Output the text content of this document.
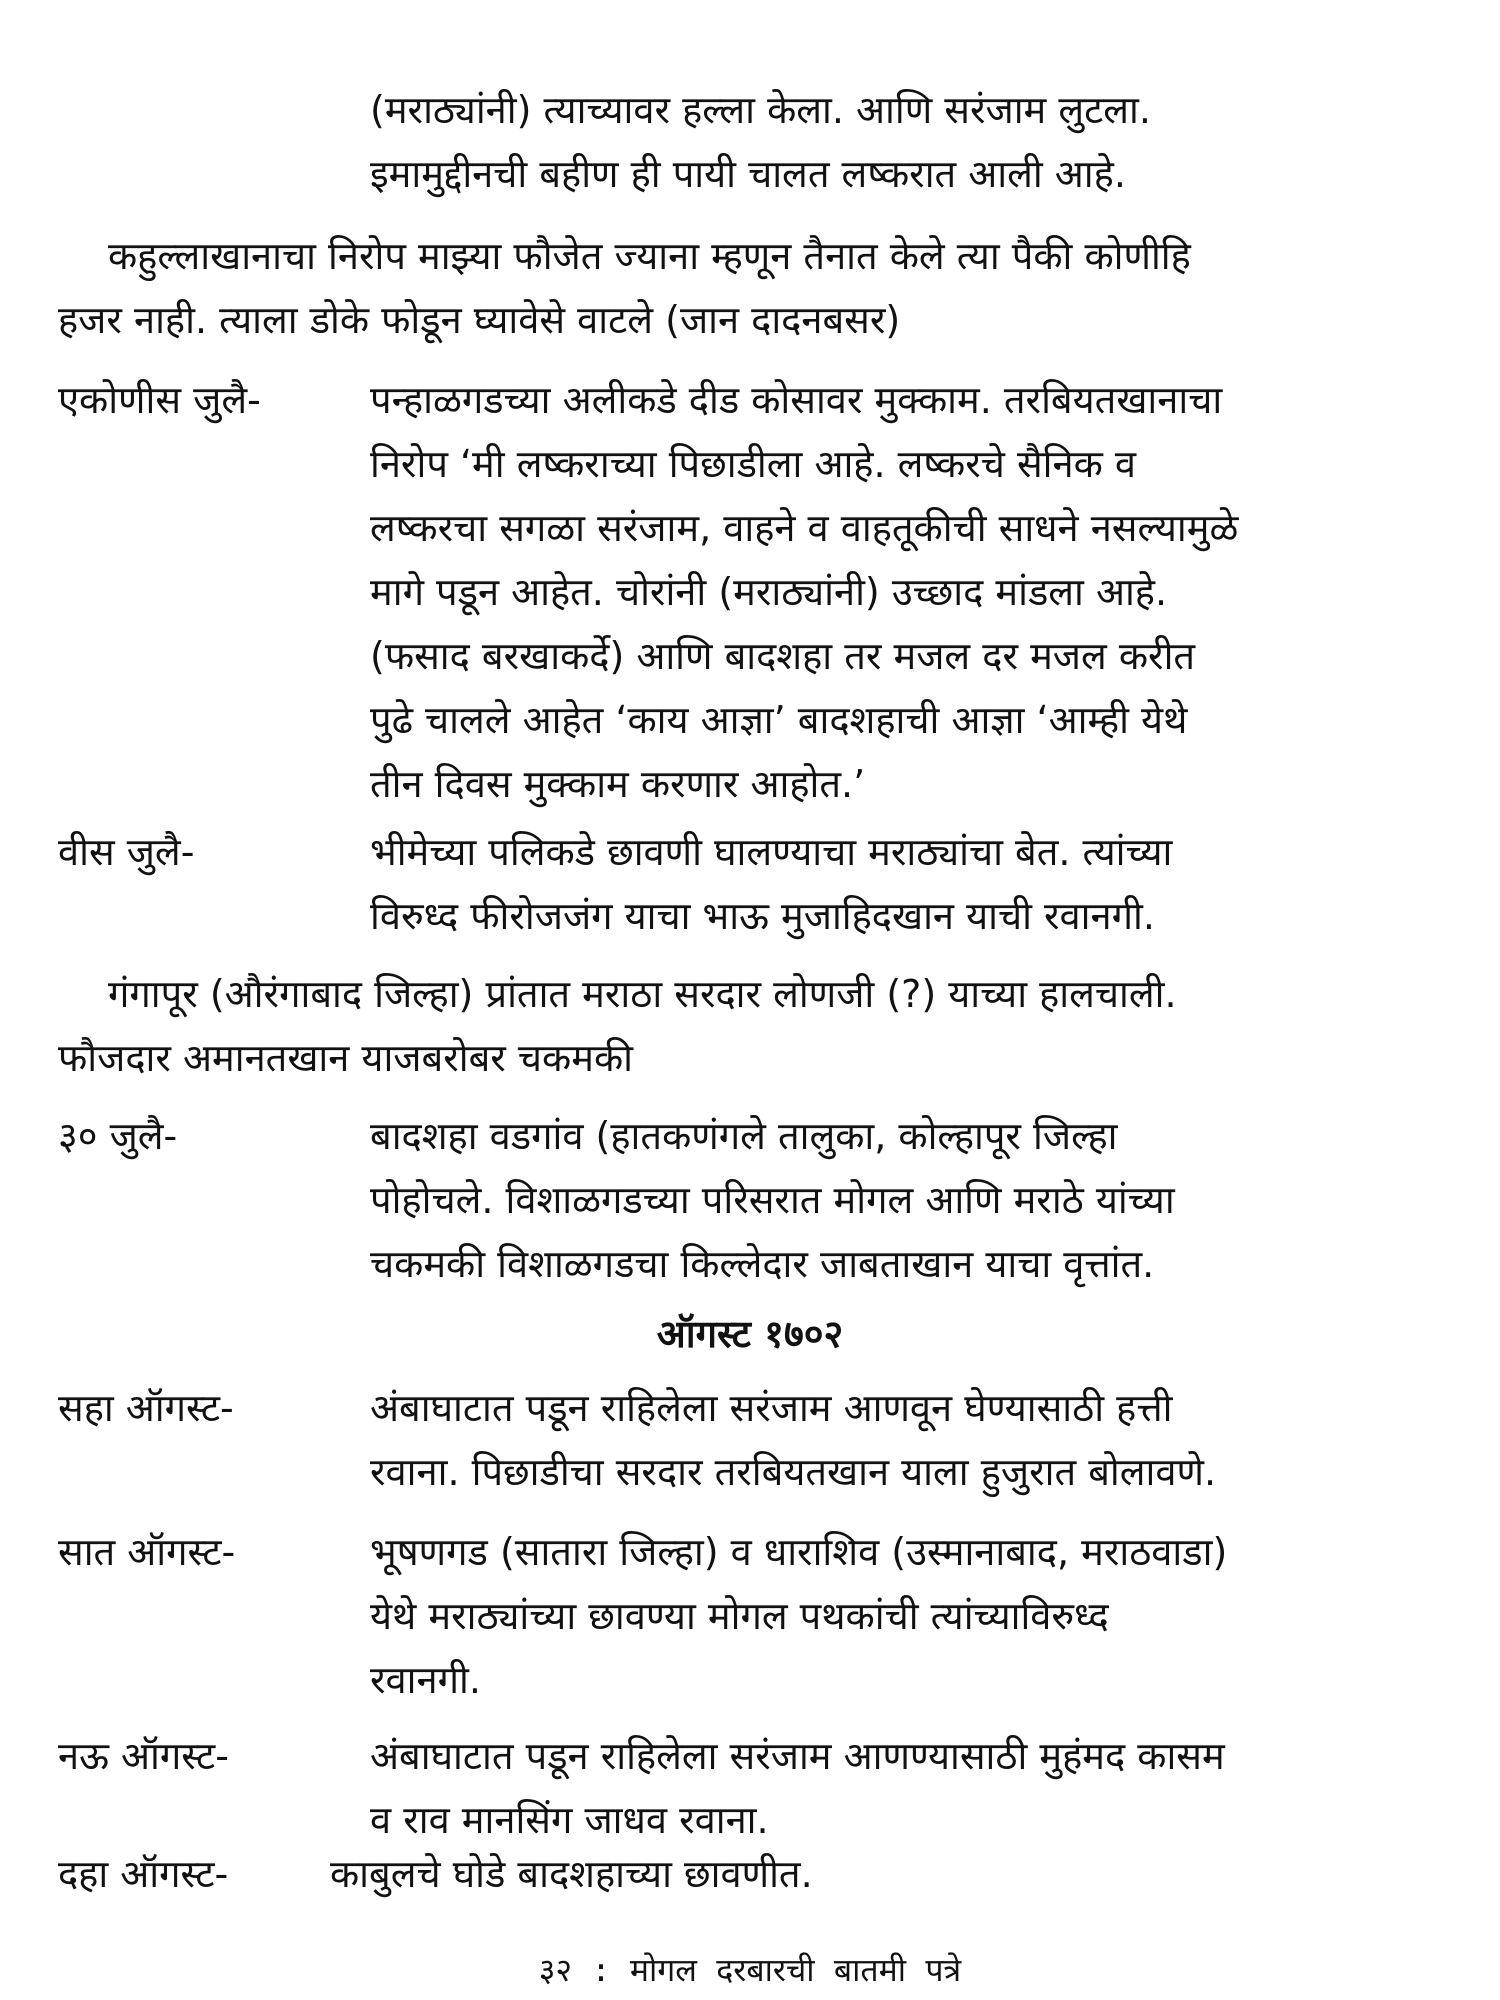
(मराठ्यांनी) त्याच्यावर हल्ला केला. आणि सरंजाम लुटला.
इमामुद्दीनची बहीण ही पायी चालत लष्करात आली आहे.
कहुल्लाखानाचा निरोप माझ्या फौजेत ज्याना म्हणून तैनात केले त्या पैकी कोणीहि
हजर नाही. त्याला डोके फोडून घ्यावेसे वाटले (जान दादनबसर)
एकोणीस जुलै-	पन्हाळगडच्या अलीकडे दीड कोसावर मुक्काम. तरबियतखानाचा
निरोप ‘मी लष्कराच्या पिछाडीला आहे. लष्करचे सैनिक व
लष्करचा सगळा सरंजाम, वाहने व वाहतूकीची साधने नसल्यामुळे
मागे पडून आहेत. चोरांनी (मराठ्यांनी) उच्छाद मांडला आहे.
(फसाद बरखाकर्दे) आणि बादशहा तर मजल दर मजल करीत
पुढे चालले आहेत ‘काय आज्ञा’ बादशहाची आज्ञा ‘आम्ही येथे
तीन दिवस मुक्काम करणार आहोत.’
वीस जुलै-	भीमेच्या पलिकडे छावणी घालण्याचा मराठ्यांचा बेत. त्यांच्या
विरुध्द फीरोजजंग याचा भाऊ मुजाहिदखान याची रवानगी.
गंगापूर (औरंगाबाद जिल्हा) प्रांतात मराठा सरदार लोणजी (?) याच्या हालचाली.
फौजदार अमानतखान याजबरोबर चकमकी
३० जुलै-	बादशहा वडगांव (हातकणंगले तालुका, कोल्हापूर जिल्हा
पोहोचले. विशाळगडच्या परिसरात मोगल आणि मराठे यांच्या
चकमकी विशाळगडचा किल्लेदार जाबताखान याचा वृत्तांत.
ऑगस्ट १७०२
सहा ऑगस्ट-	अंबाघाटात पडून राहिलेला सरंजाम आणवून घेण्यासाठी हत्ती
रवाना. पिछाडीचा सरदार तरबियतखान याला हुजुरात बोलावणे.
सात ऑगस्ट-	भूषणगड (सातारा जिल्हा) व धाराशिव (उस्मानाबाद, मराठवाडा)
येथे मराठ्यांच्या छावण्या मोगल पथकांची त्यांच्याविरुध्द
रवानगी.
नऊ ऑगस्ट-	अंबाघाटात पडून राहिलेला सरंजाम आणण्यासाठी मुहंमद कासम
व राव मानसिंग जाधव रवाना.
दहा ऑगस्ट-	काबुलचे घोडे बादशहाच्या छावणीत.
३२ : मोगल दरबारची बातमी पत्रे
